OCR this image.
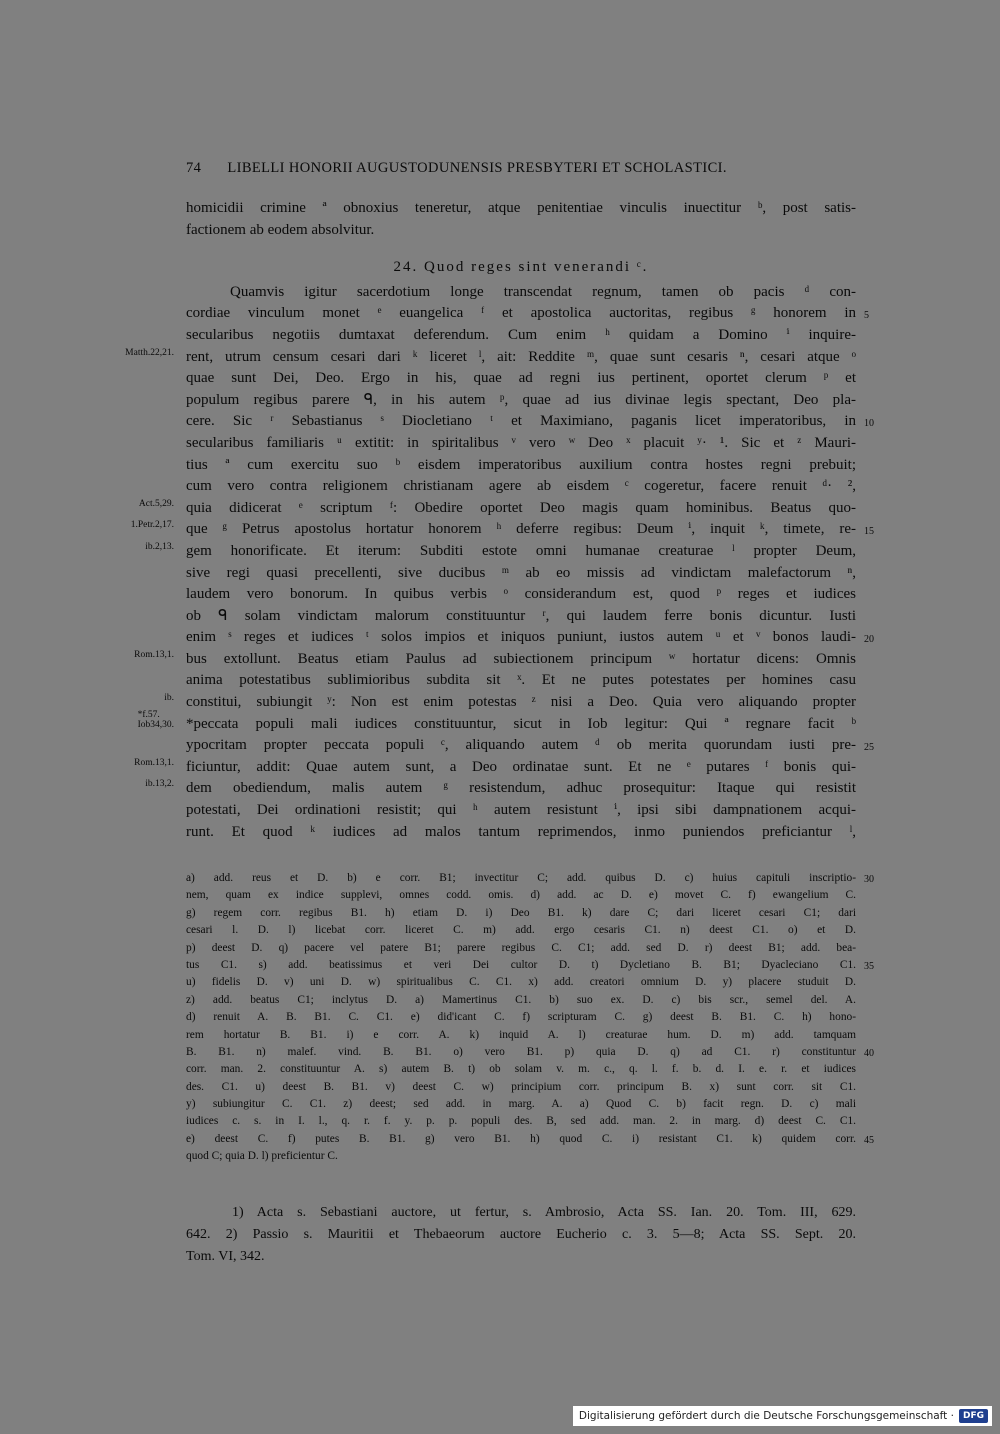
74 LIBELLI HONORII AUGUSTODUNENSIS PRESBYTERI ET SCHOLASTICI.
homicidii crimine ª obnoxius teneretur, atque penitentiae vinculis inuectitur ᵇ, post satis-
factionem ab eodem absolvitur.
24. Quod reges sint venerandi ᶜ.
Quamvis igitur sacerdotium longe transcendat regnum, tamen ob pacis ᵈ con-
cordiae vinculum monet ᵉ euangelica ᶠ et apostolica auctoritas, regibus ᵍ honorem in 5
secularibus negotiis dumtaxat deferendum. Cum enim ʰ quidam a Domino ⁱ inquire-
rent, utrum censum cesari dari ᵏ liceret ˡ, ait: Reddite ᵐ, quae sunt cesaris ⁿ, cesari atque ᵒ
Matth.22,21.
quae sunt Dei, Deo. Ergo in his, quae ad regni ius pertinent, oportet clerum ᵖ et
populum regibus parere ᑫ, in his autem ᵖ, quae ad ius divinae legis spectant, Deo pla-
cere. Sic ʳ Sebastianus ˢ Diocletiano ᵗ et Maximiano, paganis licet imperatoribus, in 10
secularibus familiaris ᵘ extitit: in spiritalibus ᵛ vero ʷ Deo ˣ placuit ʸ· ¹. Sic et ᶻ Mauri-
tius ª cum exercitu suo ᵇ eisdem imperatoribus auxilium contra hostes regni prebuit;
cum vero contra religionem christianam agere ab eisdem ᶜ cogeretur, facere renuit ᵈ· ²,
quia didicerat ᵉ scriptum ᶠ: Obedire oportet Deo magis quam hominibus. Beatus quo-
Act.5,29.
que ᵍ Petrus apostolus hortatur honorem ʰ deferre regibus: Deum ⁱ, inquit ᵏ, timete, re-
1.Petr.2,17.
15
gem honorificate. Et iterum: Subditi estote omni humanae creaturae ˡ propter Deum,
ib.2,13.
sive regi quasi precellenti, sive ducibus ᵐ ab eo missis ad vindictam malefactorum ⁿ,
laudem vero bonorum. In quibus verbis ᵒ considerandum est, quod ᵖ reges et iudices
ob ᑫ solam vindictam malorum constituuntur ʳ, qui laudem ferre bonis dicuntur. Iusti
enim ˢ reges et iudices ᵗ solos impios et iniquos puniunt, iustos autem ᵘ et ᵛ bonos laudi- 20
bus extollunt. Beatus etiam Paulus ad subiectionem principum ʷ hortatur dicens: Omnis
Rom.13,1.
anima potestatibus sublimioribus subdita sit ˣ. Et ne putes potestates per homines casu
constitui, subiungit ʸ: Non est enim potestas ᶻ nisi a Deo. Quia vero aliquando propter
ib.
*peccata populi mali iudices constituuntur, sicut in Iob legitur: Qui ª regnare facit ᵇ
*f.57.
Iob34,30.
ypocritam propter peccata populi ᶜ, aliquando autem ᵈ ob merita quorundam iusti pre- 25
ficiuntur, addit: Quae autem sunt, a Deo ordinatae sunt. Et ne ᵉ putares ᶠ bonis qui-
Rom.13,1.
dem obediendum, malis autem ᵍ resistendum, adhuc prosequitur: Itaque qui resistit
ib.13,2.
potestati, Dei ordinationi resistit; qui ʰ autem resistunt ⁱ, ipsi sibi dampnationem acqui-
runt. Et quod ᵏ iudices ad malos tantum reprimendos, inmo puniendos preficiantur ˡ,
a) add. reus et D. b) e corr. B1; invectitur C; add. quibus D. c) huius capituli inscriptio- 30
nem, quam ex indice supplevi, omnes codd. omis. d) add. ac D. e) movet C. f) ewangelium C.
g) regem corr. regibus B1. h) etiam D. i) Deo B1. k) dare C; dari liceret cesari C1; dari
cesari l. D. l) licebat corr. liceret C. m) add. ergo cesaris C1. n) deest C1. o) et D.
p) deest D. q) pacere vel patere B1; parere regibus C. C1; add. sed D. r) deest B1; add. bea-
tus C1. s) add. beatissimus et veri Dei cultor D. t) Dycletiano B. B1; Dyacleciano C1. 35
u) fidelis D. v) uni D. w) spiritualibus C. C1. x) add. creatori omnium D. y) placere studuit D.
z) add. beatus C1; inclytus D. a) Mamertinus C1. b) suo ex. D. c) bis scr., semel del. A.
d) renuit A. B. B1. C. C1. e) did'icant C. f) scripturam C. g) deest B. B1. C. h) hono-
rem hortatur B. B1. i) e corr. A. k) inquid A. l) creaturae hum. D. m) add. tamquam
B. B1. n) malef. vind. B. B1. o) vero B1. p) quia D. q) ad C1. r) constituntur 40
corr. man. 2. constituuntur A. s) autem B. t) ob solam v. m. c., q. l. f. b. d. I. e. r. et iudices
des. C1. u) deest B. B1. v) deest C. w) principium corr. principum B. x) sunt corr. sit C1.
y) subiungitur C. C1. z) deest; sed add. in marg. A. a) Quod C. b) facit regn. D. c) mali
iudices c. s. in I. l., q. r. f. y. p. p. populi des. B, sed add. man. 2. in marg. d) deest C. C1.
e) deest C. f) putes B. B1. g) vero B1. h) quod C. i) resistant C1. k) quidem corr. 45
quod C; quia D. l) preficientur C.
1) Acta s. Sebastiani auctore, ut fertur, s. Ambrosio, Acta SS. Ian. 20. Tom. III, 629.
642. 2) Passio s. Mauritii et Thebaeorum auctore Eucherio c. 3. 5—8; Acta SS. Sept. 20.
Tom. VI, 342.
Digitalisierung gefördert durch die Deutsche Forschungsgemeinschaft ·	DFG
